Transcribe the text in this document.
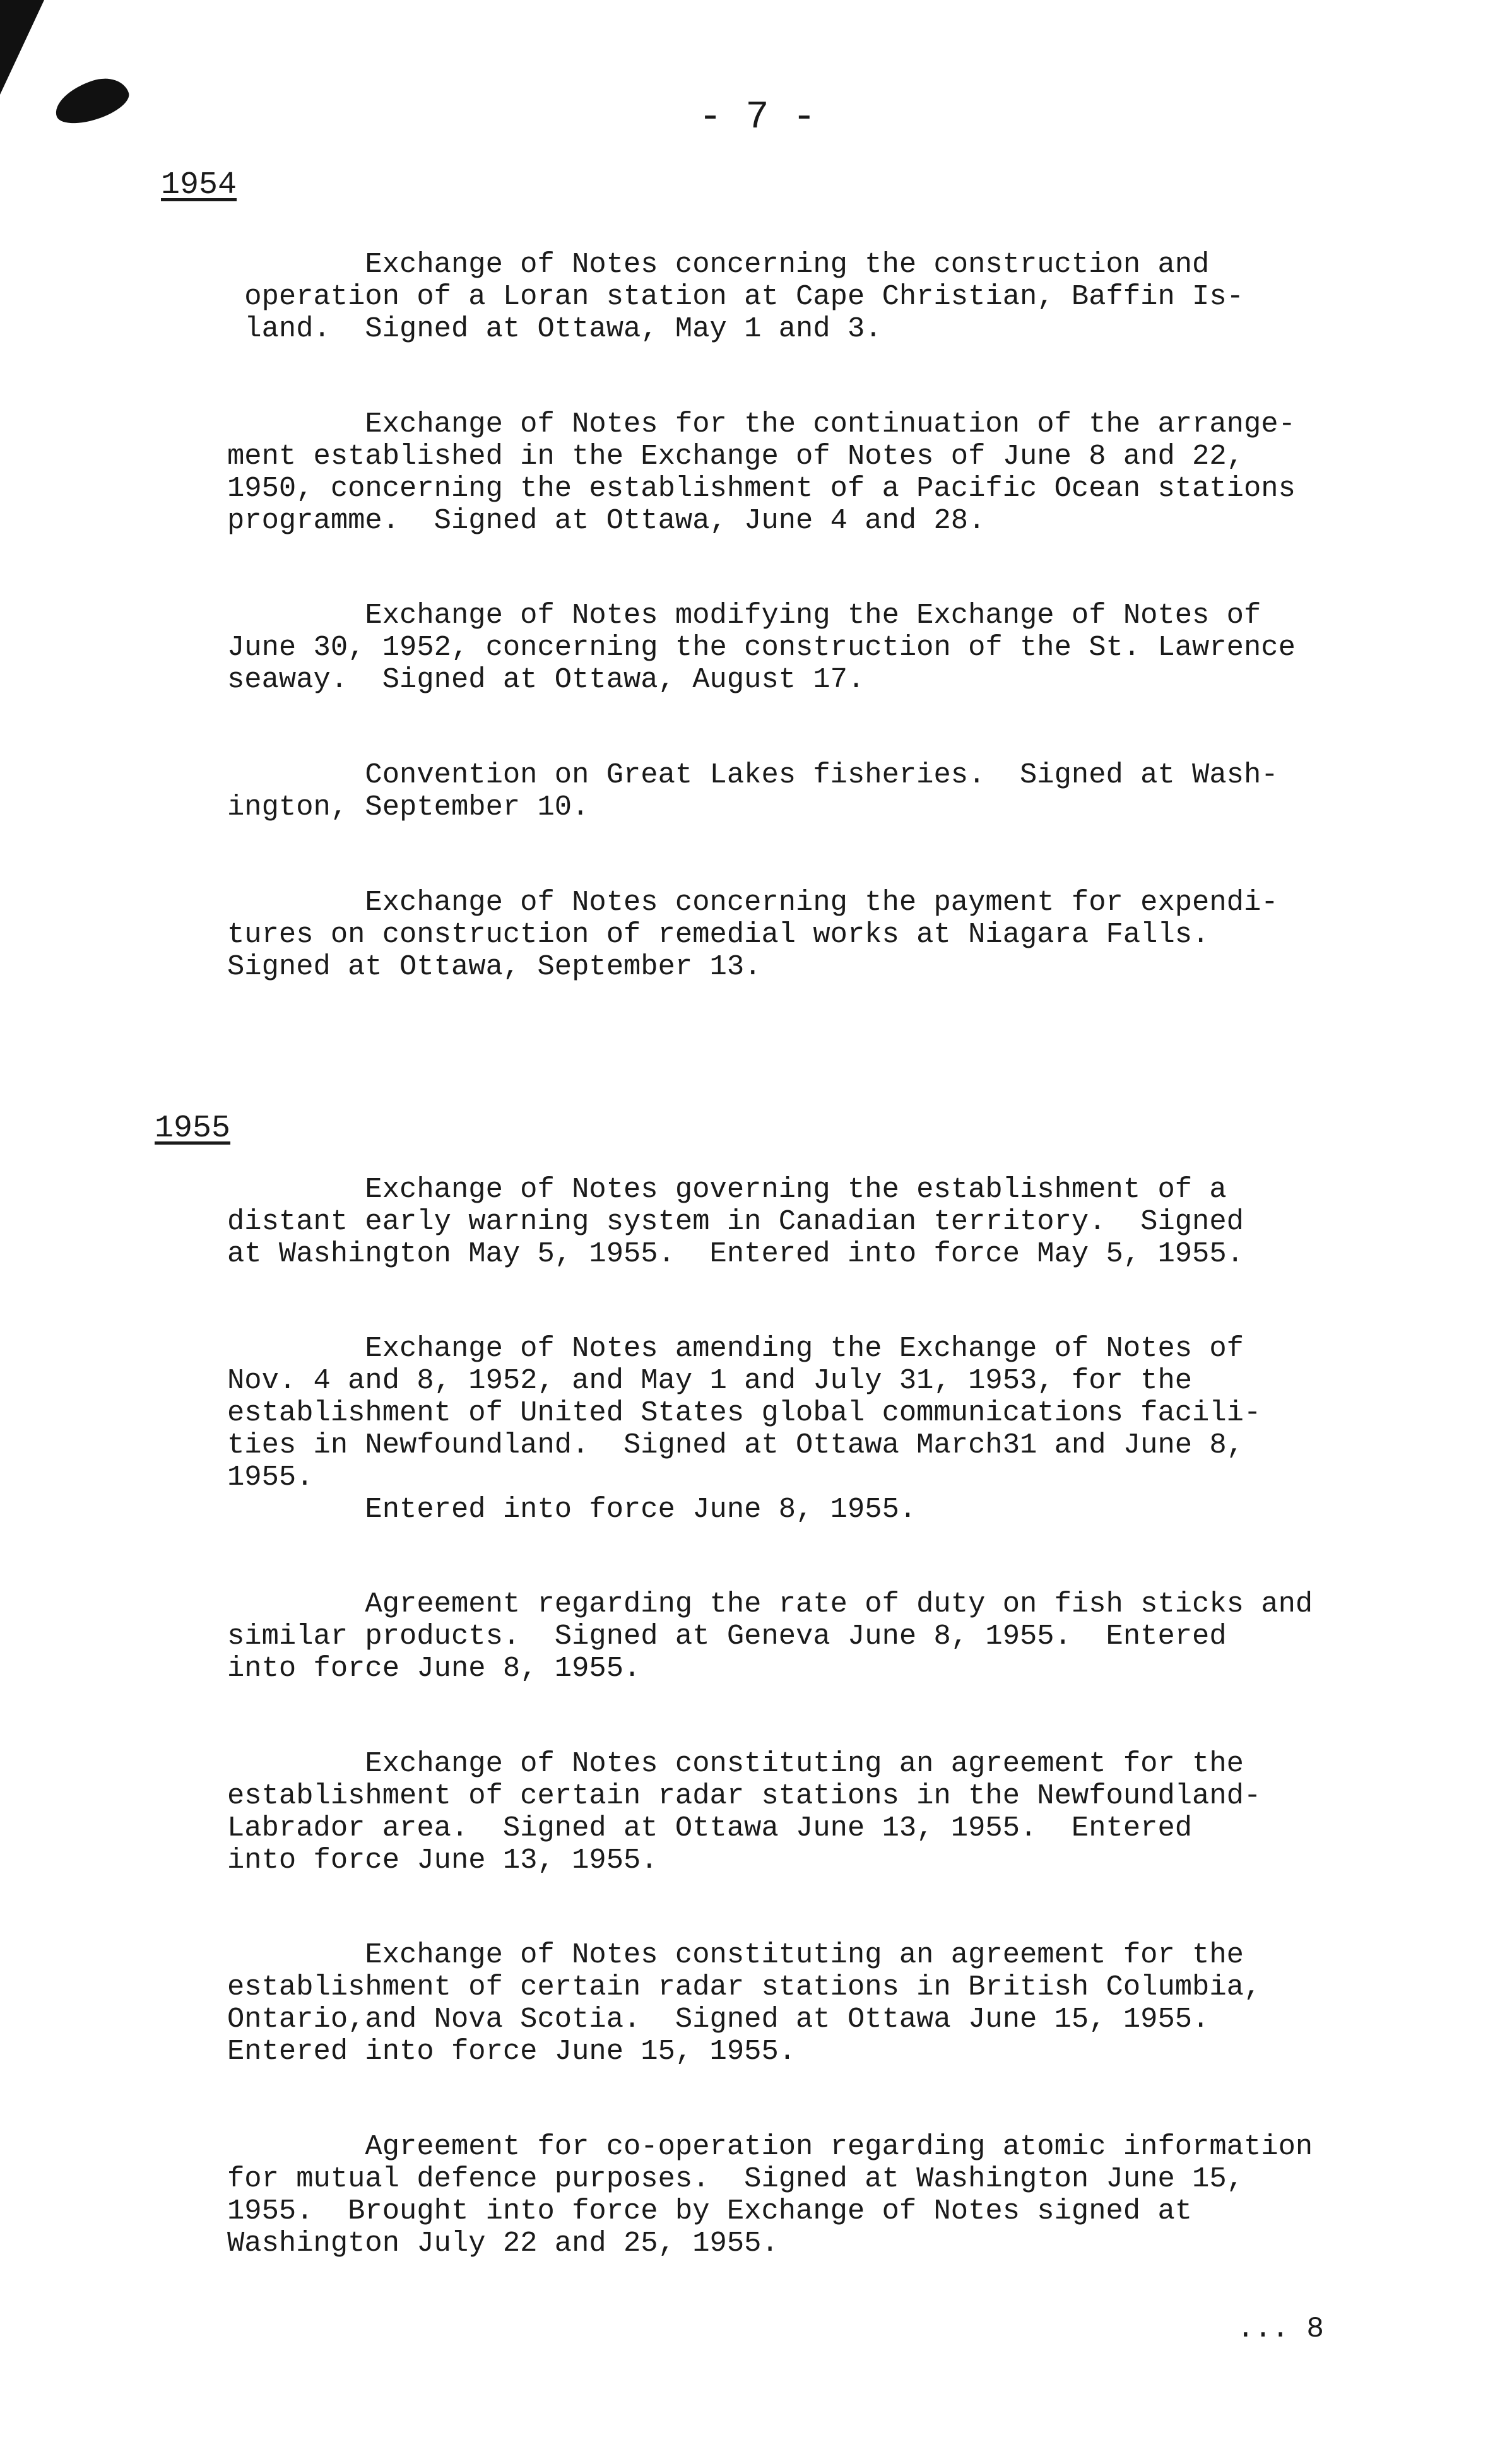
- 7 -
1954

Exchange of Notes concerning the construction and
operation of a Loran station at Cape Christian, Baffin Is-
land.  Signed at Ottawa, May 1 and 3.

Exchange of Notes for the continuation of the arrange-
ment established in the Exchange of Notes of June 8 and 22,
1950, concerning the establishment of a Pacific Ocean stations
programme.  Signed at Ottawa, June 4 and 28.

Exchange of Notes modifying the Exchange of Notes of
June 30, 1952, concerning the construction of the St. Lawrence
seaway.  Signed at Ottawa, August 17.

Convention on Great Lakes fisheries.  Signed at Wash-
ington, September 10.

Exchange of Notes concerning the payment for expendi-
tures on construction of remedial works at Niagara Falls.
Signed at Ottawa, September 13.

1955

Exchange of Notes governing the establishment of a
distant early warning system in Canadian territory.  Signed
at Washington May 5, 1955.  Entered into force May 5, 1955.

Exchange of Notes amending the Exchange of Notes of
Nov. 4 and 8, 1952, and May 1 and July 31, 1953, for the
establishment of United States global communications facili-
ties in Newfoundland.  Signed at Ottawa March31 and June 8,
1955.
Entered into force June 8, 1955.

Agreement regarding the rate of duty on fish sticks and
similar products.  Signed at Geneva June 8, 1955.  Entered
into force June 8, 1955.

Exchange of Notes constituting an agreement for the
establishment of certain radar stations in the Newfoundland-
Labrador area.  Signed at Ottawa June 13, 1955.  Entered
into force June 13, 1955.

Exchange of Notes constituting an agreement for the
establishment of certain radar stations in British Columbia,
Ontario,and Nova Scotia.  Signed at Ottawa June 15, 1955.
Entered into force June 15, 1955.

Agreement for co-operation regarding atomic information
for mutual defence purposes.  Signed at Washington June 15,
1955.  Brought into force by Exchange of Notes signed at
Washington July 22 and 25, 1955.

... 8
